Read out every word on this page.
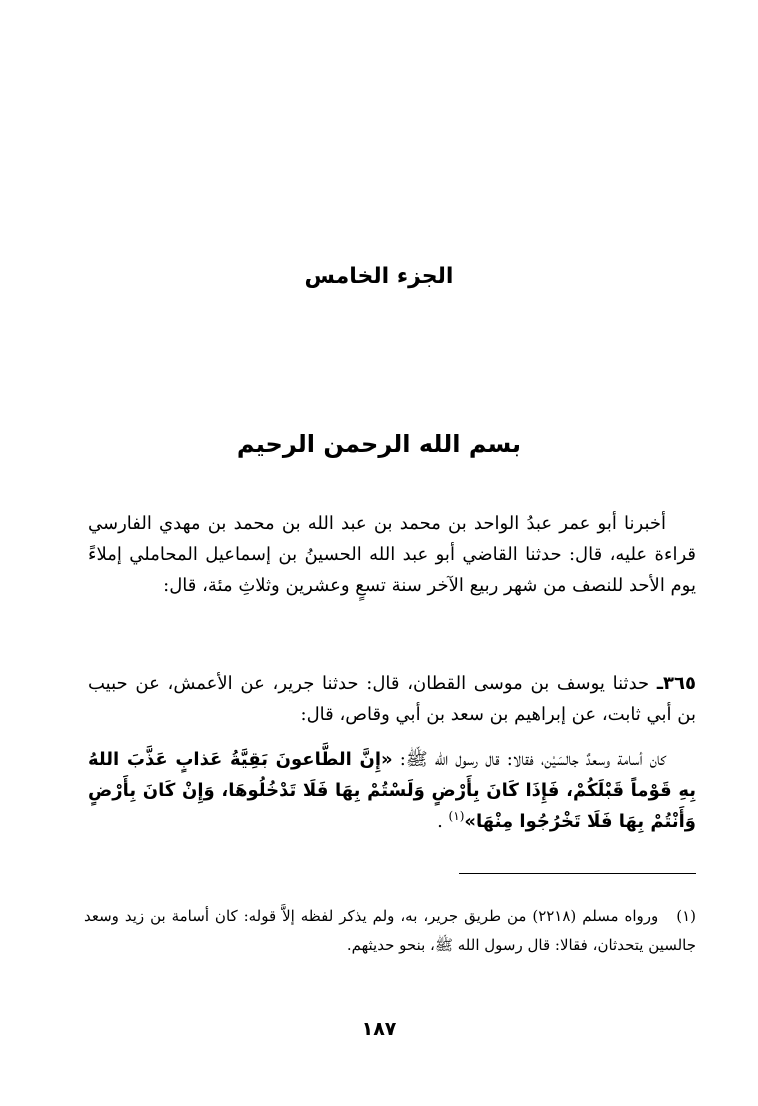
الجزء الخامس
بسم الله الرحمن الرحيم

أخبرنا أبو عمر عبدُ الواحد بن محمد بن عبد الله بن محمد بن مهدي الفارسي قراءة عليه، قال: حدثنا القاضي أبو عبد الله الحسينُ بن إسماعيل المحاملي إملاءً يوم الأحد للنصف من شهر ربيع الآخر سنة تسعٍ وعشرين وثلاثِ مئة، قال:

٣٦٥ـ حدثنا يوسف بن موسى القطان، قال: حدثنا جرير، عن الأعمش، عن حبيب بن أبي ثابت، عن إبراهيم بن سعد بن أبي وقاص، قال:

كان أسامة وسعدٌ جالسَيْن، فقالا: قال رسول الله ﷺ: «إِنَّ الطَّاعونَ بَقِيَّةُ عَذابٍ عَذَّبَ اللهُ بِهِ قَوْماً قَبْلَكُمْ، فَإِذَا كَانَ بِأَرْضٍ وَلَسْتُمْ بِهَا فَلَا تَدْخُلُوهَا، وَإِنْ كَانَ بِأَرْضٍ وَأَنْتُمْ بِهَا فَلَا تَخْرُجُوا مِنْهَا»$^{(١)}$ .

(١) ورواه مسلم (٢٢١٨) من طريق جرير، به، ولم يذكر لفظه إلاَّ قوله: كان أسامة بن زيد وسعد جالسين يتحدثان، فقالا: قال رسول الله ﷺ، بنحو حديثهم.

١٨٧
